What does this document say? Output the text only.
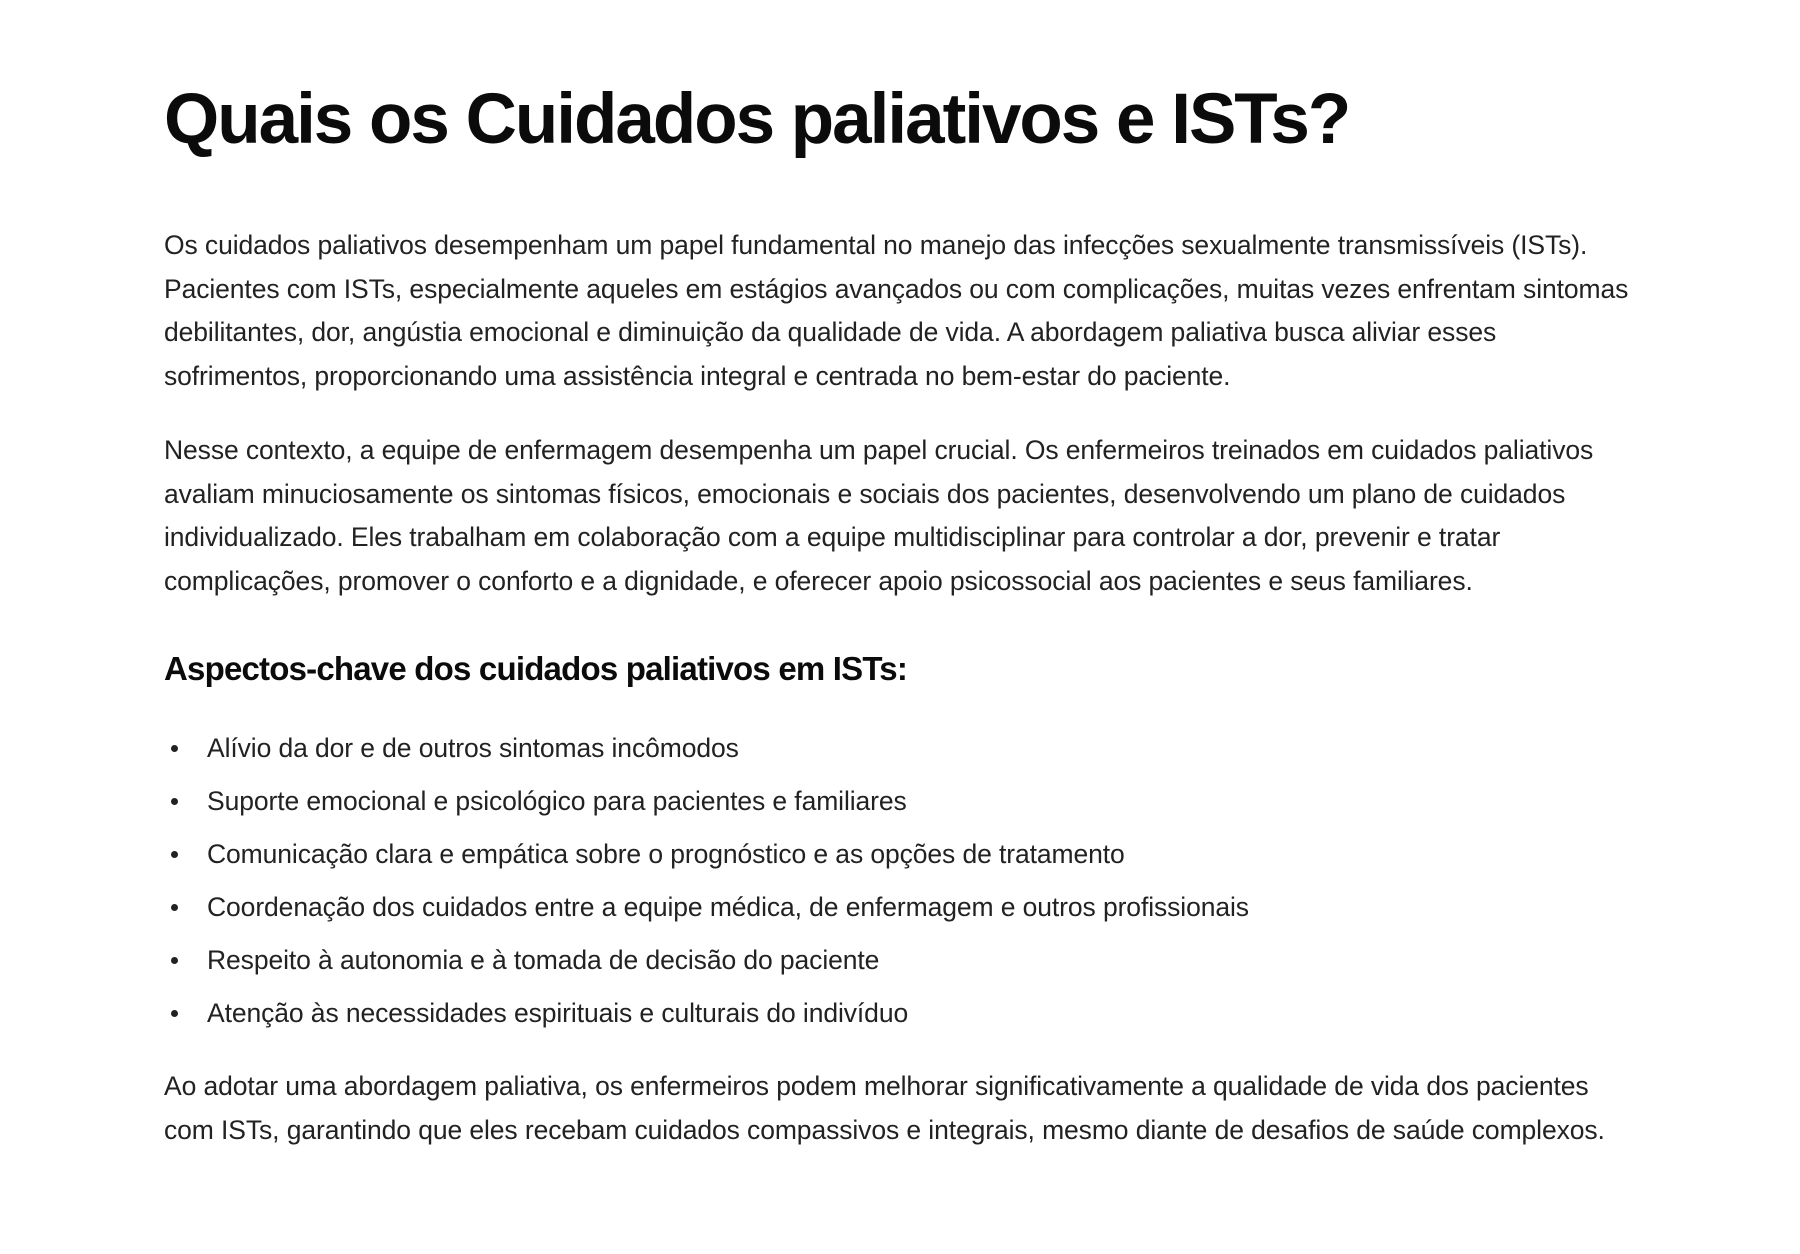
Quais os Cuidados paliativos e ISTs?

Os cuidados paliativos desempenham um papel fundamental no manejo das infecções sexualmente transmissíveis (ISTs). Pacientes com ISTs, especialmente aqueles em estágios avançados ou com complicações, muitas vezes enfrentam sintomas debilitantes, dor, angústia emocional e diminuição da qualidade de vida. A abordagem paliativa busca aliviar esses sofrimentos, proporcionando uma assistência integral e centrada no bem-estar do paciente.

Nesse contexto, a equipe de enfermagem desempenha um papel crucial. Os enfermeiros treinados em cuidados paliativos avaliam minuciosamente os sintomas físicos, emocionais e sociais dos pacientes, desenvolvendo um plano de cuidados individualizado. Eles trabalham em colaboração com a equipe multidisciplinar para controlar a dor, prevenir e tratar complicações, promover o conforto e a dignidade, e oferecer apoio psicossocial aos pacientes e seus familiares.

Aspectos-chave dos cuidados paliativos em ISTs:
Alívio da dor e de outros sintomas incômodos
Suporte emocional e psicológico para pacientes e familiares
Comunicação clara e empática sobre o prognóstico e as opções de tratamento
Coordenação dos cuidados entre a equipe médica, de enfermagem e outros profissionais
Respeito à autonomia e à tomada de decisão do paciente
Atenção às necessidades espirituais e culturais do indivíduo

Ao adotar uma abordagem paliativa, os enfermeiros podem melhorar significativamente a qualidade de vida dos pacientes com ISTs, garantindo que eles recebam cuidados compassivos e integrais, mesmo diante de desafios de saúde complexos.
